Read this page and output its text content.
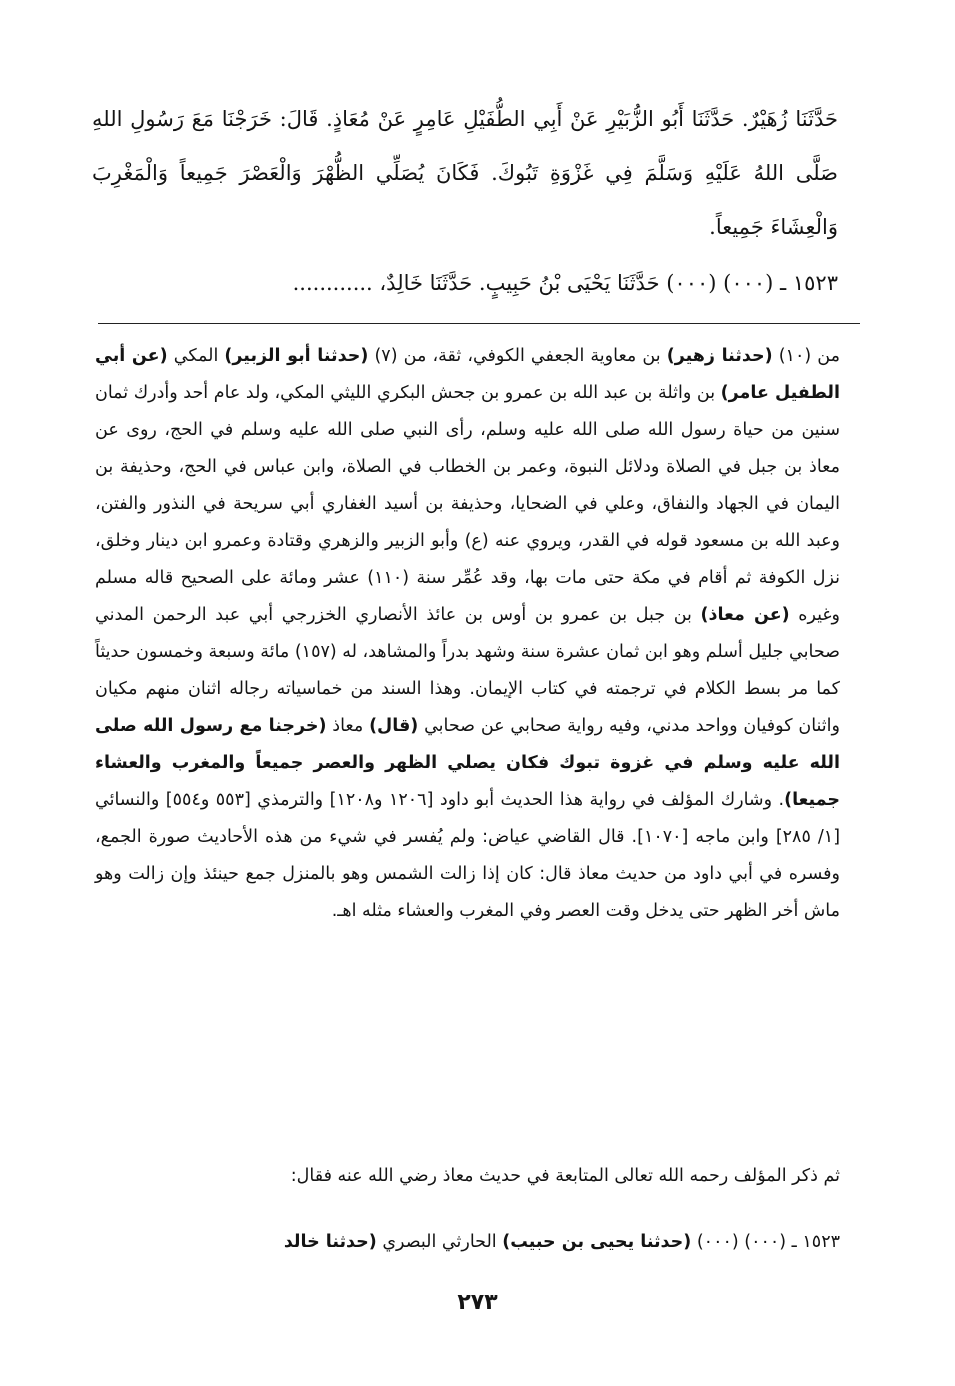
حَدَّثَنَا زُهَيْرٌ. حَدَّثَنَا أَبُو الزُّبَيْرِ عَنْ أَبِي الطُّفَيْلِ عَامِرٍ عَنْ مُعَاذٍ. قَالَ: خَرَجْنَا مَعَ رَسُولِ اللهِ صَلَّى اللهُ عَلَيْهِ وَسَلَّمَ فِي غَزْوَةِ تَبُوكَ. فَكَانَ يُصَلِّي الظُّهْرَ وَالْعَصْرَ جَمِيعاً وَالْمَغْرِبَ وَالْعِشَاءَ جَمِيعاً.

١٥٢٣ ـ (٠٠٠) (٠٠٠) حَدَّثَنَا يَحْيَى بْنُ حَبِيبٍ. حَدَّثَنَا خَالِدٌ، ............

من (١٠) (حدثنا زهير) بن معاوية الجعفي الكوفي، ثقة، من (٧) (حدثنا أبو الزبير) المكي (عن أبي الطفيل عامر) بن واثلة بن عبد الله بن عمرو بن جحش البكري الليثي المكي، ولد عام أحد وأدرك ثمان سنين من حياة رسول الله صلى الله عليه وسلم، رأى النبي صلى الله عليه وسلم في الحج، روى عن معاذ بن جبل في الصلاة ودلائل النبوة، وعمر بن الخطاب في الصلاة، وابن عباس في الحج، وحذيفة بن اليمان في الجهاد والنفاق، وعلي في الضحايا، وحذيفة بن أسيد الغفاري أبي سريحة في النذور والفتن، وعبد الله بن مسعود قوله في القدر، ويروي عنه (ع) وأبو الزبير والزهري وقتادة وعمرو ابن دينار وخلق، نزل الكوفة ثم أقام في مكة حتى مات بها، وقد عُمِّر سنة (١١٠) عشر ومائة على الصحيح قاله مسلم وغيره (عن معاذ) بن جبل بن عمرو بن أوس بن عائذ الأنصاري الخزرجي أبي عبد الرحمن المدني صحابي جليل أسلم وهو ابن ثمان عشرة سنة وشهد بدراً والمشاهد، له (١٥٧) مائة وسبعة وخمسون حديثاً كما مر بسط الكلام في ترجمته في كتاب الإيمان. وهذا السند من خماسياته رجاله اثنان منهم مكيان واثنان كوفيان وواحد مدني، وفيه رواية صحابي عن صحابي (قال) معاذ (خرجنا مع رسول الله صلى الله عليه وسلم في غزوة تبوك فكان يصلي الظهر والعصر جميعاً والمغرب والعشاء جميعا). وشارك المؤلف في رواية هذا الحديث أبو داود [١٢٠٦ و١٢٠٨] والترمذي [٥٥٣ و٥٥٤] والنسائي [١/ ٢٨٥] وابن ماجه [١٠٧٠]. قال القاضي عياض: ولم يُفسر في شيء من هذه الأحاديث صورة الجمع، وفسره في أبي داود من حديث معاذ قال: كان إذا زالت الشمس وهو بالمنزل جمع حينئذ وإن زالت وهو ماش أخر الظهر حتى يدخل وقت العصر وفي المغرب والعشاء مثله اهـ.

ثم ذكر المؤلف رحمه الله تعالى المتابعة في حديث معاذ رضي الله عنه فقال:
١٥٢٣ ـ (٠٠٠) (٠٠٠) (حدثنا يحيى بن حبيب) الحارثي البصري (حدثنا خالد
٢٧٣
